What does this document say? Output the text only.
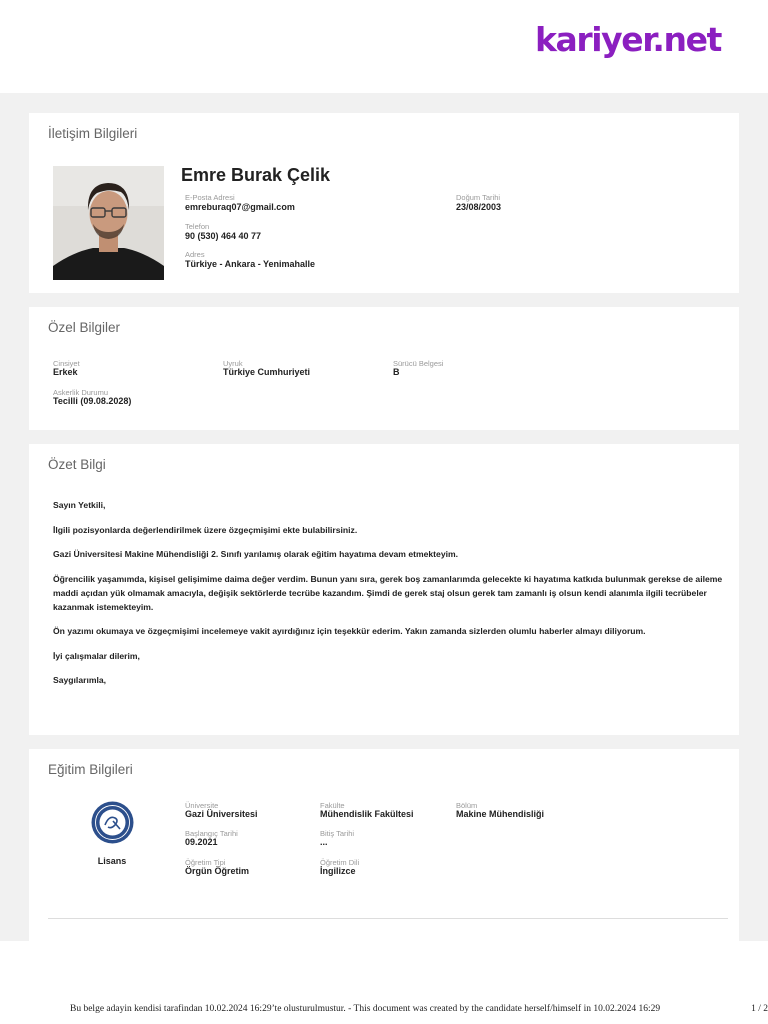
kariyer.net
İletişim Bilgileri
Emre Burak Çelik
E-Posta Adresi
emreburaq07@gmail.com
Doğum Tarihi
23/08/2003
Telefon
90 (530) 464 40 77
Adres
Türkiye - Ankara - Yenimahalle
Özel Bilgiler
Cinsiyet
Erkek
Uyruk
Türkiye Cumhuriyeti
Sürücü Belgesi
B
Askerlik Durumu
Tecilli (09.08.2028)
Özet Bilgi

Sayın Yetkili,

İlgili pozisyonlarda değerlendirilmek üzere özgeçmişimi ekte bulabilirsiniz.

Gazi Üniversitesi Makine Mühendisliği 2. Sınıfı yarılamış olarak eğitim hayatıma devam etmekteyim.

Öğrencilik yaşamımda, kişisel gelişimime daima değer verdim. Bunun yanı sıra, gerek boş zamanlarımda gelecekte ki hayatıma katkıda bulunmak gerekse de aileme maddi açıdan yük olmamak amacıyla, değişik sektörlerde tecrübe kazandım. Şimdi de gerek staj olsun gerek tam zamanlı iş olsun kendi alanımla ilgili tecrübeler kazanmak istemekteyim.

Ön yazımı okumaya ve özgeçmişimi incelemeye vakit ayırdığınız için teşekkür ederim. Yakın zamanda sizlerden olumlu haberler almayı diliyorum.

İyi çalışmalar dilerim,

Saygılarımla,

Eğitim Bilgileri
Lisans
Üniversite
Gazi Üniversitesi
Fakülte
Mühendislik Fakültesi
Bölüm
Makine Mühendisliği
Başlangıç Tarihi
09.2021
Bitiş Tarihi
...
Öğretim Tipi
Örgün Öğretim
Öğretim Dili
İngilizce
Bu belge adayin kendisi tarafindan 10.02.2024 16:29’te olusturulmustur. - This document was created by the candidate herself/himself in 10.02.2024 16:29	1 / 2
